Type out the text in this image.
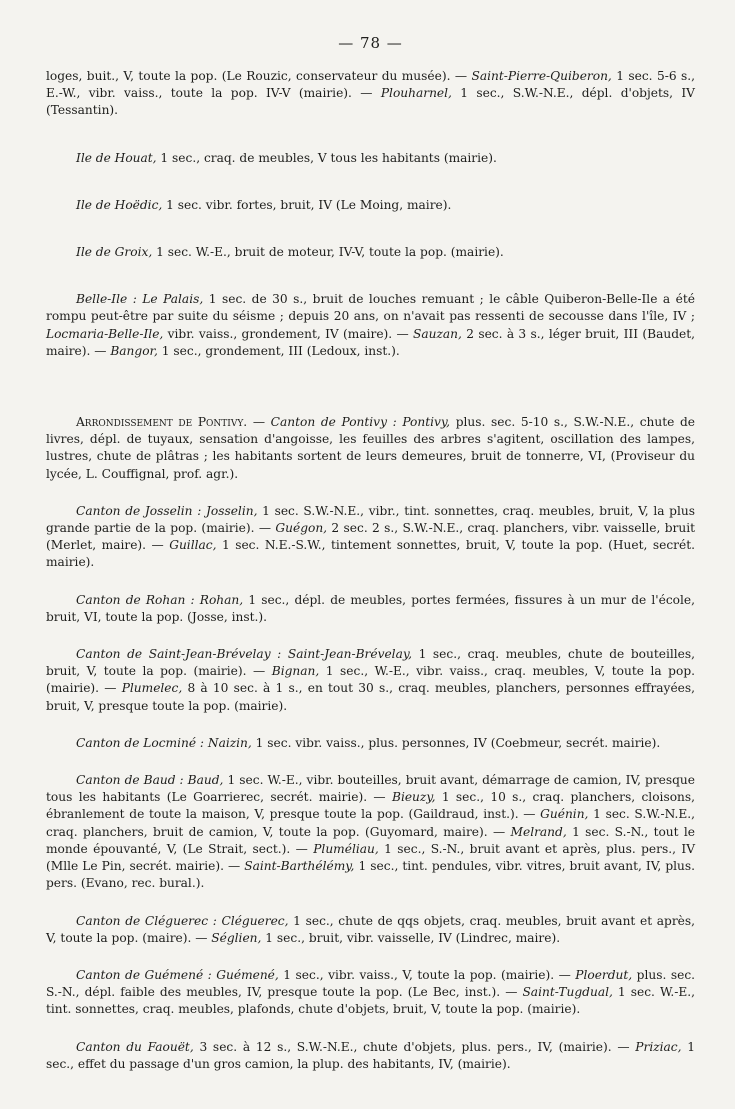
— 78 —

loges, buit., V, toute la pop. (Le Rouzic, conservateur du musée). — Saint-Pierre-Quiberon, 1 sec. 5-6 s., E.-W., vibr. vaiss., toute la pop. IV-V (mairie). — Plouharnel, 1 sec., S.W.-N.E., dépl. d'objets, IV (Tessantin).

Ile de Houat, 1 sec., craq. de meubles, V tous les habitants (mairie).

Ile de Hoëdic, 1 sec. vibr. fortes, bruit, IV (Le Moing, maire).

Ile de Groix, 1 sec. W.-E., bruit de moteur, IV-V, toute la pop. (mairie).

Belle-Ile : Le Palais, 1 sec. de 30 s., bruit de louches remuant ; le câble Quiberon-Belle-Ile a été rompu peut-être par suite du séisme ; depuis 20 ans, on n'avait pas ressenti de secousse dans l'île, IV ; Locmaria-Belle-Ile, vibr. vaiss., grondement, IV (maire). — Sauzan, 2 sec. à 3 s., léger bruit, III (Baudet, maire). — Bangor, 1 sec., grondement, III (Ledoux, inst.).

Arrondissement de Pontivy. — Canton de Pontivy : Pontivy, plus. sec. 5-10 s., S.W.-N.E., chute de livres, dépl. de tuyaux, sensation d'angoisse, les feuilles des arbres s'agitent, oscillation des lampes, lustres, chute de plâtras ; les habitants sortent de leurs demeures, bruit de tonnerre, VI, (Proviseur du lycée, L. Couffignal, prof. agr.).

Canton de Josselin : Josselin, 1 sec. S.W.-N.E., vibr., tint. sonnettes, craq. meubles, bruit, V, la plus grande partie de la pop. (mairie). — Guégon, 2 sec. 2 s., S.W.-N.E., craq. planchers, vibr. vaisselle, bruit (Merlet, maire). — Guillac, 1 sec. N.E.-S.W., tintement sonnettes, bruit, V, toute la pop. (Huet, secrét. mairie).

Canton de Rohan : Rohan, 1 sec., dépl. de meubles, portes fermées, fissures à un mur de l'école, bruit, VI, toute la pop. (Josse, inst.).

Canton de Saint-Jean-Brévelay : Saint-Jean-Brévelay, 1 sec., craq. meubles, chute de bouteilles, bruit, V, toute la pop. (mairie). — Bignan, 1 sec., W.-E., vibr. vaiss., craq. meubles, V, toute la pop. (mairie). — Plumelec, 8 à 10 sec. à 1 s., en tout 30 s., craq. meubles, planchers, personnes effrayées, bruit, V, presque toute la pop. (mairie).

Canton de Locminé : Naizin, 1 sec. vibr. vaiss., plus. personnes, IV (Coebmeur, secrét. mairie).

Canton de Baud : Baud, 1 sec. W.-E., vibr. bouteilles, bruit avant, démarrage de camion, IV, presque tous les habitants (Le Goarrierec, secrét. mairie). — Bieuzy, 1 sec., 10 s., craq. planchers, cloisons, ébranlement de toute la maison, V, presque toute la pop. (Gaildraud, inst.). — Guénin, 1 sec. S.W.-N.E., craq. planchers, bruit de camion, V, toute la pop. (Guyomard, maire). — Melrand, 1 sec. S.-N., tout le monde épouvanté, V, (Le Strait, sect.). — Pluméliau, 1 sec., S.-N., bruit avant et après, plus. pers., IV (Mlle Le Pin, secrét. mairie). — Saint-Barthélémy, 1 sec., tint. pendules, vibr. vitres, bruit avant, IV, plus. pers. (Evano, rec. bural.).

Canton de Cléguerec : Cléguerec, 1 sec., chute de qqs objets, craq. meubles, bruit avant et après, V, toute la pop. (maire). — Séglien, 1 sec., bruit, vibr. vaisselle, IV (Lindrec, maire).

Canton de Guémené : Guémené, 1 sec., vibr. vaiss., V, toute la pop. (mairie). — Ploerdut, plus. sec. S.-N., dépl. faible des meubles, IV, presque toute la pop. (Le Bec, inst.). — Saint-Tugdual, 1 sec. W.-E., tint. sonnettes, craq. meubles, plafonds, chute d'objets, bruit, V, toute la pop. (mairie).

Canton du Faouët, 3 sec. à 12 s., S.W.-N.E., chute d'objets, plus. pers., IV, (mairie). — Priziac, 1 sec., effet du passage d'un gros camion, la plup. des habitants, IV, (mairie).
